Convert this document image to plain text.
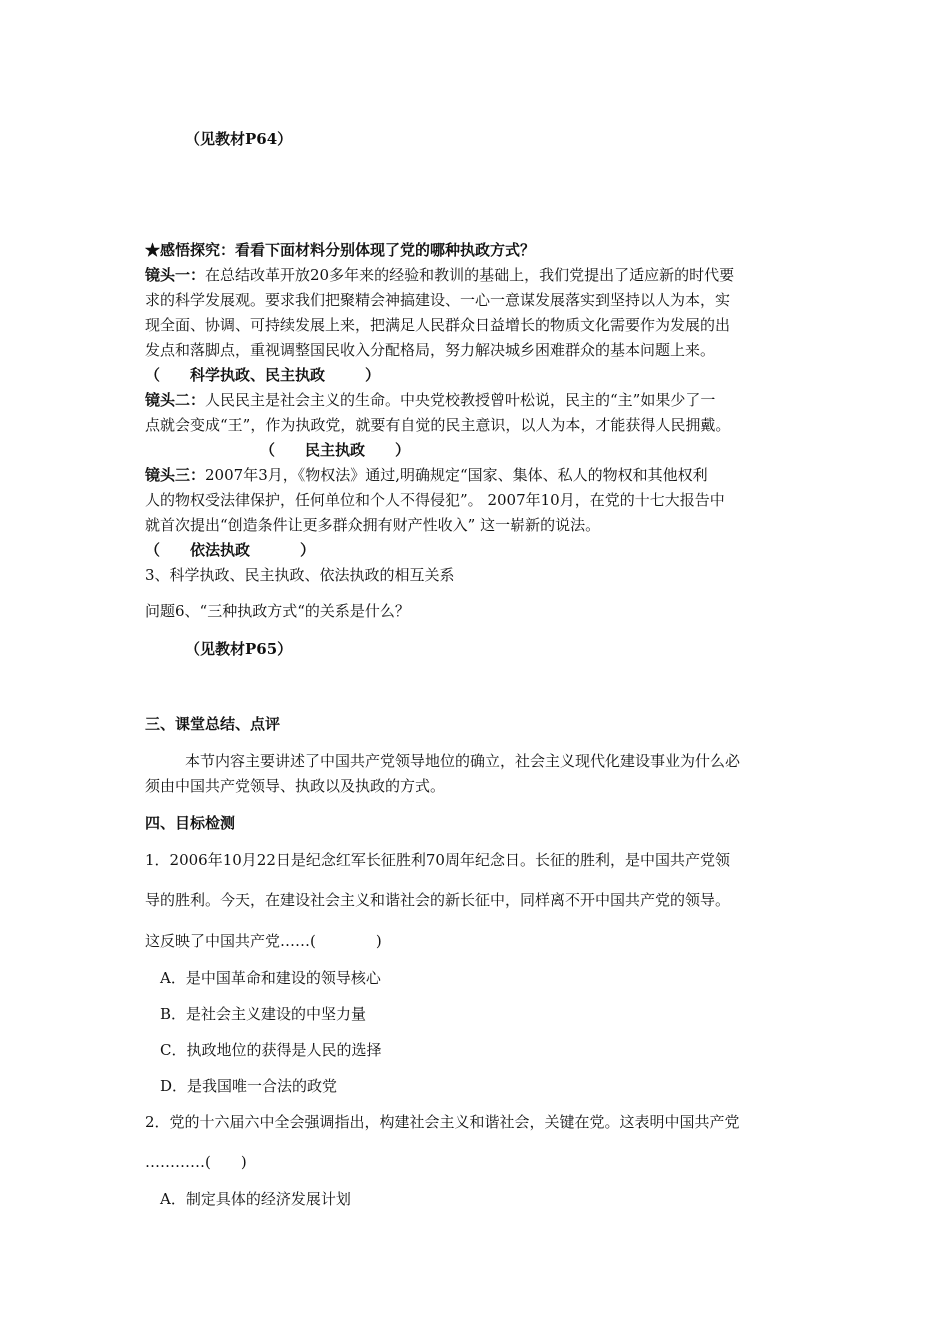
（见教材P64）
★感悟探究：看看下面材料分别体现了党的哪种执政方式？
镜头一：在总结改革开放20多年来的经验和教训的基础上，我们党提出了适应新的时代要
求的科学发展观。要求我们把聚精会神搞建设、一心一意谋发展落实到坚持以人为本，实
现全面、协调、可持续发展上来，把满足人民群众日益增长的物质文化需要作为发展的出
发点和落脚点，重视调整国民收入分配格局，努力解决城乡困难群众的基本问题上来。
（ 科学执政、民主执政	）
镜头二：人民民主是社会主义的生命。中央党校教授曾叶松说，民主的“主”如果少了一
点就会变成“王”，作为执政党，就要有自觉的民主意识，以人为本，才能获得人民拥戴。
（ 民主执政 ）
镜头三：2007年3月，《物权法》通过,明确规定“国家、集体、私人的物权和其他权利
人的物权受法律保护，任何单位和个人不得侵犯”。 2007年10月，在党的十七大报告中
就首次提出“创造条件让更多群众拥有财产性收入” 这一崭新的说法。
（ 依法执政	）
3、科学执政、民主执政、依法执政的相互关系
问题6、“三种执政方式“的关系是什么？
（见教材P65）
三、课堂总结、点评
本节内容主要讲述了中国共产党领导地位的确立，社会主义现代化建设事业为什么必
须由中国共产党领导、执政以及执政的方式。
四、目标检测
1．2006年10月22日是纪念红军长征胜利70周年纪念日。长征的胜利，是中国共产党领
导的胜利。今天，在建设社会主义和谐社会的新长征中，同样离不开中国共产党的领导。
这反映了中国共产党……(　　　　)
A．是中国革命和建设的领导核心
B．是社会主义建设的中坚力量
C．执政地位的获得是人民的选择
D．是我国唯一合法的政党
2．党的十六届六中全会强调指出，构建社会主义和谐社会，关键在党。这表明中国共产党
…………(　　)
A．制定具体的经济发展计划
